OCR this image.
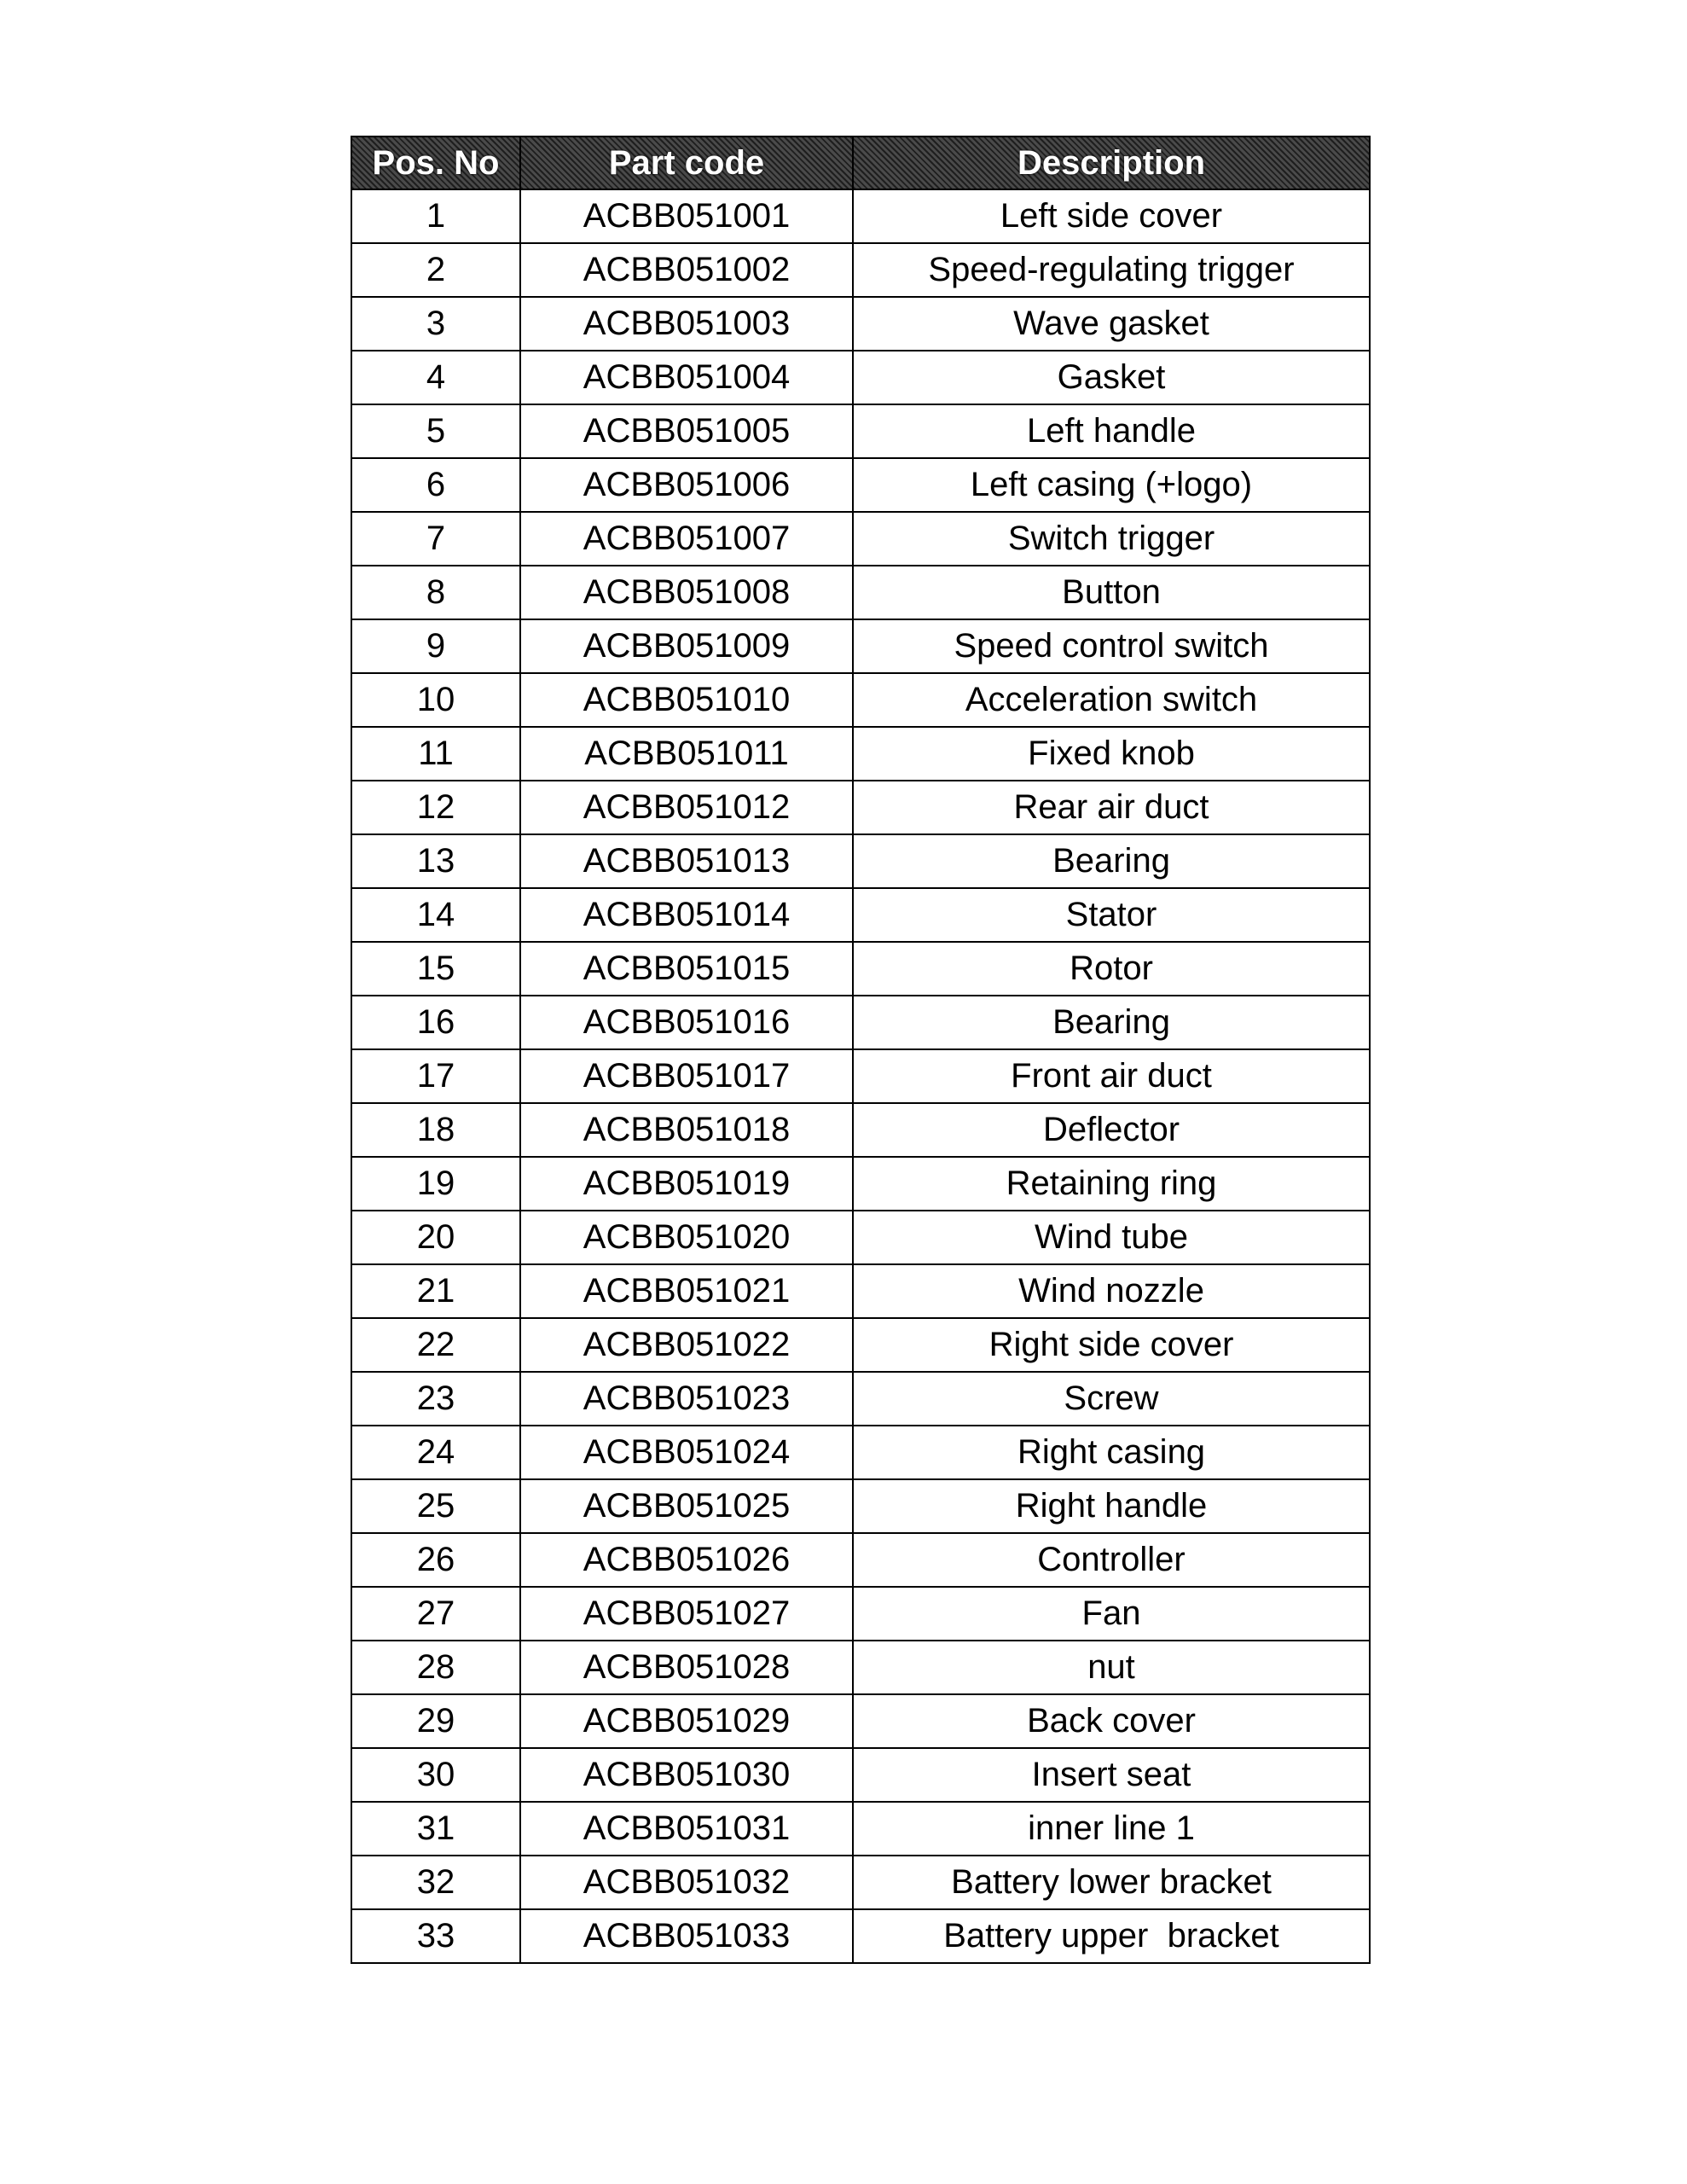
Pos. No	Part code	Description
1	ACBB051001	Left side cover
2	ACBB051002	Speed-regulating trigger
3	ACBB051003	Wave gasket
4	ACBB051004	Gasket
5	ACBB051005	Left handle
6	ACBB051006	Left casing (+logo)
7	ACBB051007	Switch trigger
8	ACBB051008	Button
9	ACBB051009	Speed control switch
10	ACBB051010	Acceleration switch
11	ACBB051011	Fixed knob
12	ACBB051012	Rear air duct
13	ACBB051013	Bearing
14	ACBB051014	Stator
15	ACBB051015	Rotor
16	ACBB051016	Bearing
17	ACBB051017	Front air duct
18	ACBB051018	Deflector
19	ACBB051019	Retaining ring
20	ACBB051020	Wind tube
21	ACBB051021	Wind nozzle
22	ACBB051022	Right side cover
23	ACBB051023	Screw
24	ACBB051024	Right casing
25	ACBB051025	Right handle
26	ACBB051026	Controller
27	ACBB051027	Fan
28	ACBB051028	nut
29	ACBB051029	Back cover
30	ACBB051030	Insert seat
31	ACBB051031	inner line 1
32	ACBB051032	Battery lower bracket
33	ACBB051033	Battery upper  bracket
